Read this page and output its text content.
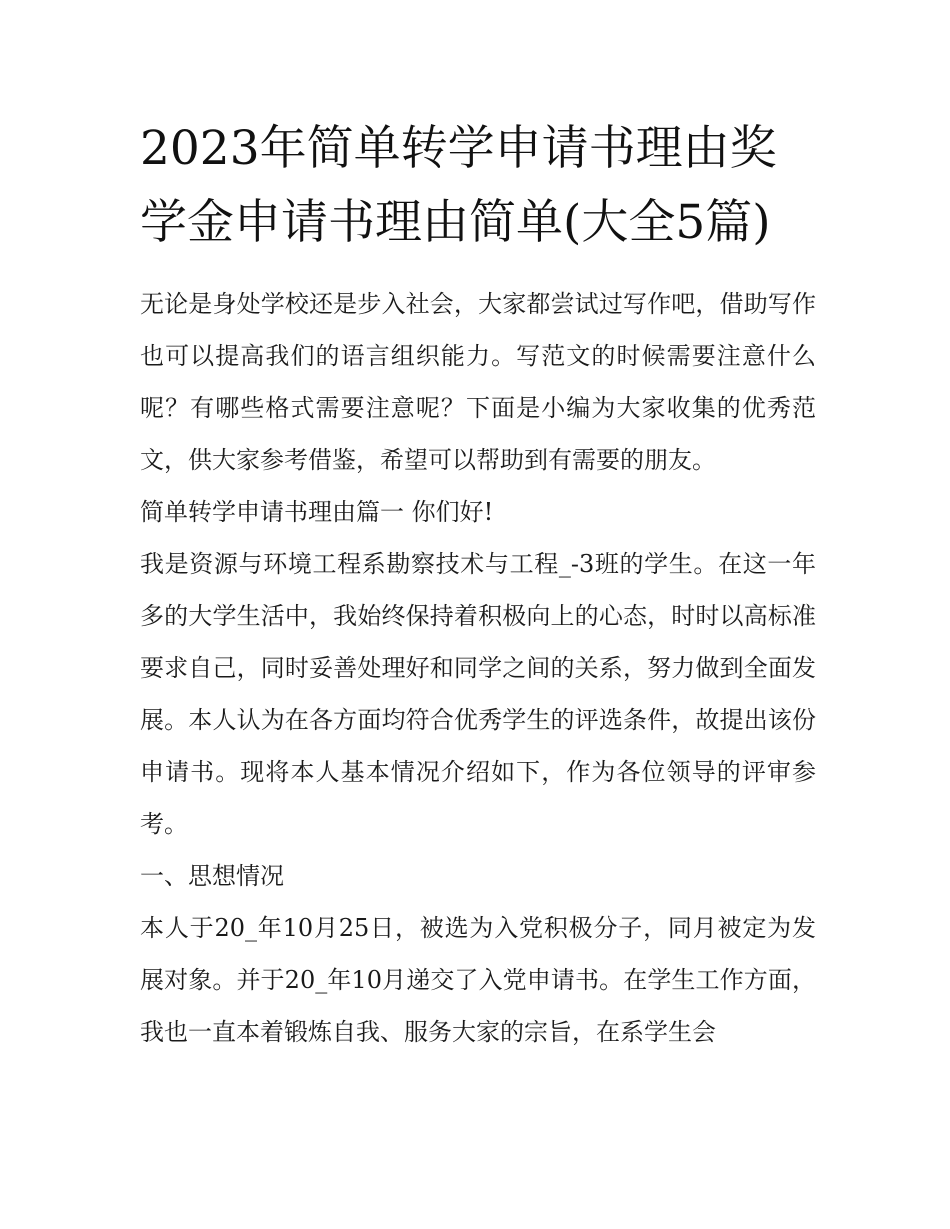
2023年简单转学申请书理由奖学金申请书理由简单(大全5篇)

无论是身处学校还是步入社会，大家都尝试过写作吧，借助写作也可以提高我们的语言组织能力。写范文的时候需要注意什么呢？有哪些格式需要注意呢？下面是小编为大家收集的优秀范文，供大家参考借鉴，希望可以帮助到有需要的朋友。

简单转学申请书理由篇一 你们好!

我是资源与环境工程系勘察技术与工程_-3班的学生。在这一年多的大学生活中，我始终保持着积极向上的心态，时时以高标准要求自己，同时妥善处理好和同学之间的关系，努力做到全面发展。本人认为在各方面均符合优秀学生的评选条件，故提出该份申请书。现将本人基本情况介绍如下，作为各位领导的评审参考。

一、思想情况

本人于20_年10月25日，被选为入党积极分子，同月被定为发展对象。并于20_年10月递交了入党申请书。在学生工作方面，我也一直本着锻炼自我、服务大家的宗旨，在系学生会
